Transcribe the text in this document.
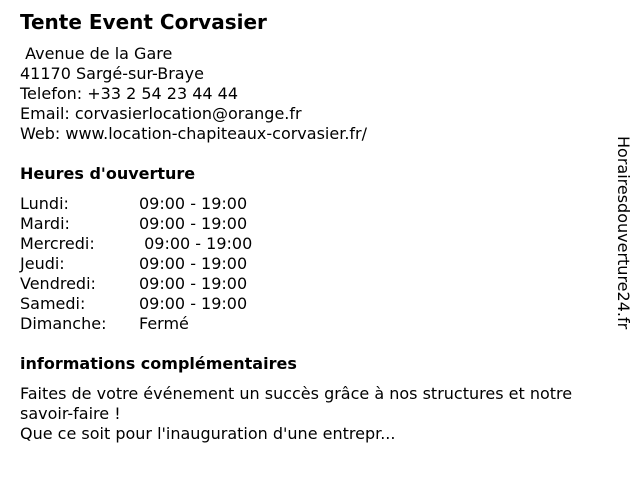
Tente Event Corvasier
Avenue de la Gare
41170 Sargé-sur-Braye
Telefon: +33 2 54 23 44 44
Email: corvasierlocation@orange.fr
Web: www.location-chapiteaux-corvasier.fr/
Heures d'ouverture
Lundi:	09:00 - 19:00
Mardi:	09:00 - 19:00
Mercredi:	09:00 - 19:00
Jeudi:	09:00 - 19:00
Vendredi:	09:00 - 19:00
Samedi:	09:00 - 19:00
Dimanche: Fermé
informations complémentaires

Faites de votre événement un succès grâce à nos structures et notre savoir-faire !

Que ce soit pour l'inauguration d'une entrepr...

Horairesdouverture24.fr
